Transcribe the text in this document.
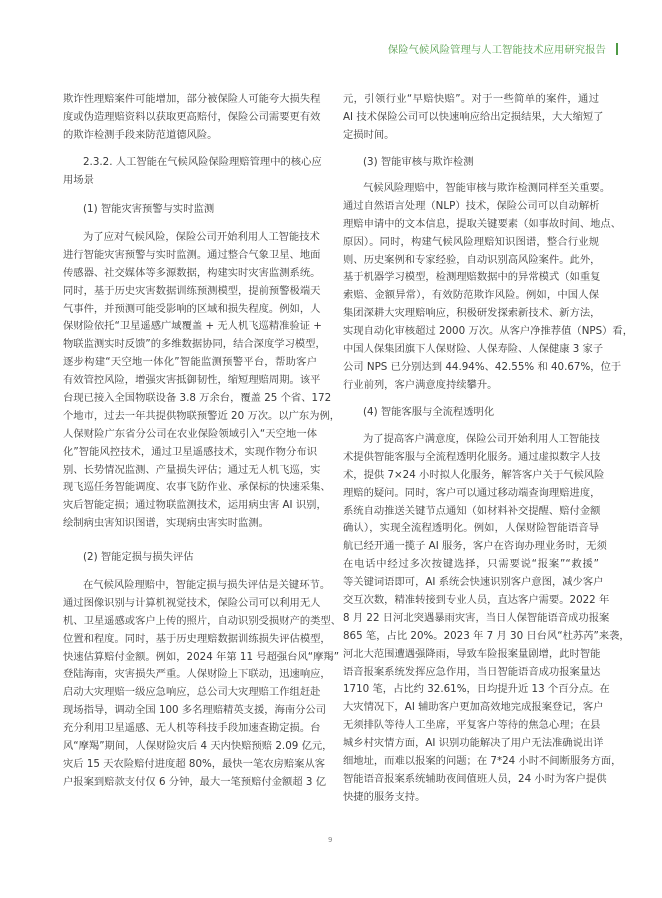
保险气候风险管理与人工智能技术应用研究报告
欺诈性理赔案件可能增加，部分被保险人可能夸大损失程
度或伪造理赔资料以获取更高赔付，保险公司需要更有效
的欺诈检测手段来防范道德风险。
2.3.2. 人工智能在气候风险保险理赔管理中的核心应
用场景
(1) 智能灾害预警与实时监测
为了应对气候风险，保险公司开始利用人工智能技术
进行智能灾害预警与实时监测。通过整合气象卫星、地面
传感器、社交媒体等多源数据，构建实时灾害监测系统。
同时，基于历史灾害数据训练预测模型，提前预警极端天
气事件，并预测可能受影响的区域和损失程度。例如，人
保财险依托“卫星遥感广域覆盖 + 无人机飞巡精准验证 +
物联监测实时反馈”的多维数据协同，结合深度学习模型，
逐步构建“天空地一体化”智能监测预警平台，帮助客户
有效管控风险，增强灾害抵御韧性，缩短理赔周期。该平
台现已接入全国物联设备 3.8 万余台，覆盖 25 个省、172
个地市，过去一年共提供物联预警近 20 万次。以广东为例，
人保财险广东省分公司在农业保险领域引入“天空地一体
化”智能风控技术，通过卫星遥感技术，实现作物分布识
别、长势情况监测、产量损失评估；通过无人机飞巡，实
现飞巡任务智能调度、农事飞防作业、承保标的快速采集、
灾后智能定损；通过物联监测技术，运用病虫害 AI 识别，
绘制病虫害知识图谱，实现病虫害实时监测。
(2) 智能定损与损失评估
在气候风险理赔中，智能定损与损失评估是关键环节。
通过图像识别与计算机视觉技术，保险公司可以利用无人
机、卫星遥感或客户上传的照片，自动识别受损财产的类型、
位置和程度。同时，基于历史理赔数据训练损失评估模型，
快速估算赔付金额。例如，2024 年第 11 号超强台风“摩羯”
登陆海南，灾害损失严重。人保财险上下联动，迅速响应，
启动大灾理赔一级应急响应，总公司大灾理赔工作组赶赴
现场指导，调动全国 100 多名理赔精英支援，海南分公司
充分利用卫星遥感、无人机等科技手段加速查勘定损。台
风“摩羯”期间，人保财险灾后 4 天内快赔预赔 2.09 亿元，
灾后 15 天农险赔付进度超 80%，最快一笔农房赔案从客
户报案到赔款支付仅 6 分钟，最大一笔预赔付金额超 3 亿
元，引领行业“早赔快赔”。对于一些简单的案件，通过
AI 技术保险公司可以快速响应给出定损结果，大大缩短了
定损时间。
(3) 智能审核与欺诈检测
气候风险理赔中，智能审核与欺诈检测同样至关重要。
通过自然语言处理（NLP）技术，保险公司可以自动解析
理赔申请中的文本信息，提取关键要素（如事故时间、地点、
原因）。同时，构建气候风险理赔知识图谱，整合行业规
则、历史案例和专家经验，自动识别高风险案件。此外，
基于机器学习模型，检测理赔数据中的异常模式（如重复
索赔、金额异常），有效防范欺诈风险。例如，中国人保
集团深耕大灾理赔响应，积极研发探索新技术、新方法，
实现自动化审核超过 2000 万次。从客户净推荐值（NPS）看，
中国人保集团旗下人保财险、人保寿险、人保健康 3 家子
公司 NPS 已分别达到 44.94%、42.55% 和 40.67%，位于
行业前列，客户满意度持续攀升。
(4) 智能客服与全流程透明化
为了提高客户满意度，保险公司开始利用人工智能技
术提供智能客服与全流程透明化服务。通过虚拟数字人技
术，提供 7×24 小时拟人化服务，解答客户关于气候风险
理赔的疑问。同时，客户可以通过移动端查询理赔进度，
系统自动推送关键节点通知（如材料补交提醒、赔付金额
确认），实现全流程透明化。例如，人保财险智能语音导
航已经开通一揽子 AI 服务，客户在咨询办理业务时，无须
在电话中经过多次按键选择，只需要说“报案”“救援”
等关键词语即可，AI 系统会快速识别客户意图，减少客户
交互次数，精准转接到专业人员，直达客户需要。2022 年
8 月 22 日河北突遇暴雨灾害，当日人保智能语音成功报案
865 笔，占比 20%。2023 年 7 月 30 日台风“杜苏芮”来袭，
河北大范围遭遇强降雨，导致车险报案量剧增，此时智能
语音报案系统发挥应急作用，当日智能语音成功报案量达
1710 笔，占比约 32.61%，日均提升近 13 个百分点。在
大灾情况下，AI 辅助客户更加高效地完成报案登记，客户
无须排队等待人工坐席，平复客户等待的焦急心理；在县
城乡村灾情方面，AI 识别功能解决了用户无法准确说出详
细地址，而难以报案的问题；在 7*24 小时不间断服务方面，
智能语音报案系统辅助夜间值班人员，24 小时为客户提供
快捷的服务支持。
9
